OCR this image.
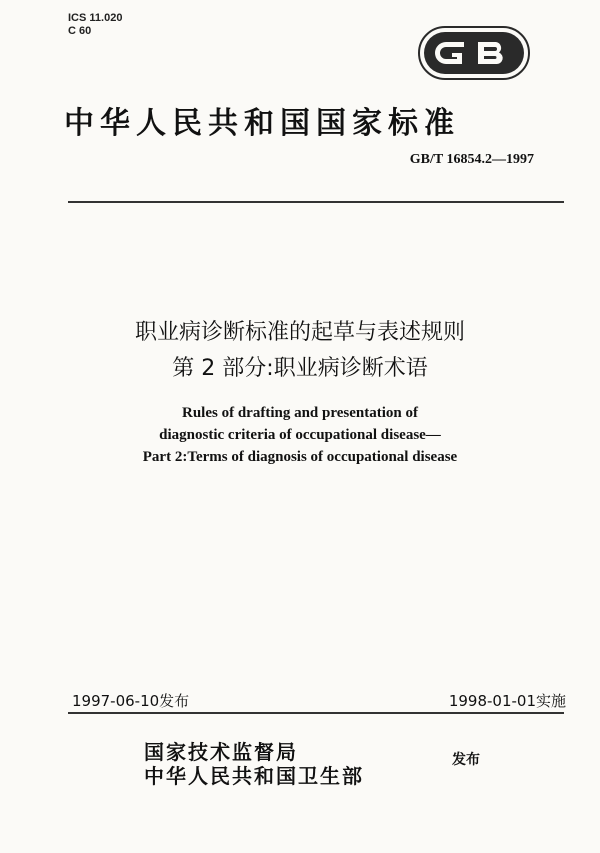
ICS 11.020
C 60
中华人民共和国国家标准
GB/T 16854.2—1997
职业病诊断标准的起草与表述规则
第 2 部分:职业病诊断术语
Rules of drafting and presentation of
diagnostic criteria of occupational disease—
Part 2:Terms of diagnosis of occupational disease
1997-06-10发布	1998-01-01实施
国家技术监督局
中华人民共和国卫生部
发布
